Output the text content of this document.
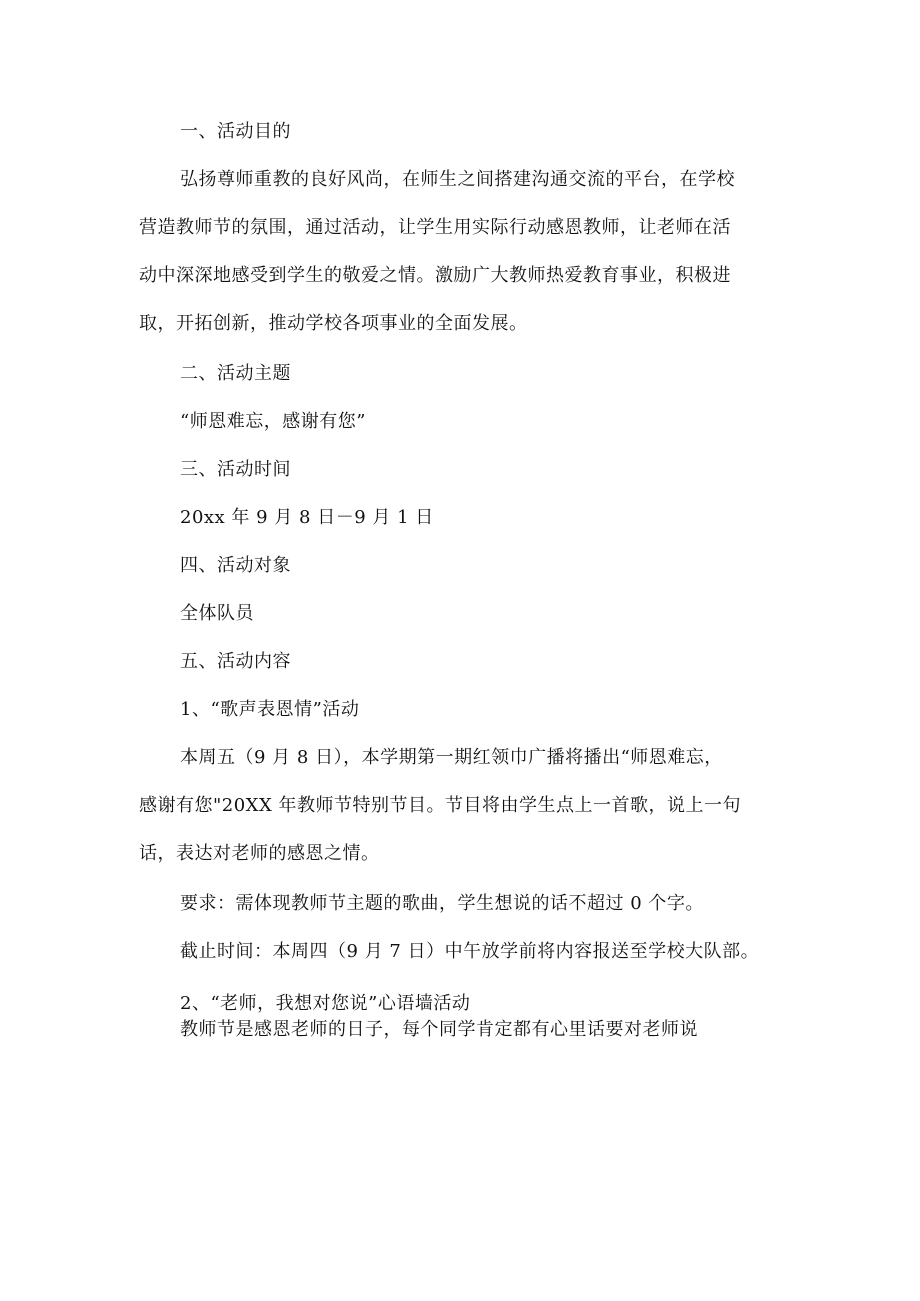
一、活动目的
弘扬尊师重教的良好风尚，在师生之间搭建沟通交流的平台，在学校
营造教师节的氛围，通过活动，让学生用实际行动感恩教师，让老师在活
动中深深地感受到学生的敬爱之情。激励广大教师热爱教育事业，积极进
取，开拓创新，推动学校各项事业的全面发展。
二、活动主题
“师恩难忘，感谢有您”
三、活动时间
20xx 年 9 月 8 日－9 月 1 日
四、活动对象
全体队员
五、活动内容
1、“歌声表恩情”活动
本周五（9 月 8 日），本学期第一期红领巾广播将播出“师恩难忘，
感谢有您"20XX 年教师节特别节目。节目将由学生点上一首歌，说上一句
话，表达对老师的感恩之情。
要求：需体现教师节主题的歌曲，学生想说的话不超过 0 个字。
截止时间：本周四（9 月 7 日）中午放学前将内容报送至学校大队部。
2、“老师，我想对您说”心语墙活动
教师节是感恩老师的日子，每个同学肯定都有心里话要对老师说
